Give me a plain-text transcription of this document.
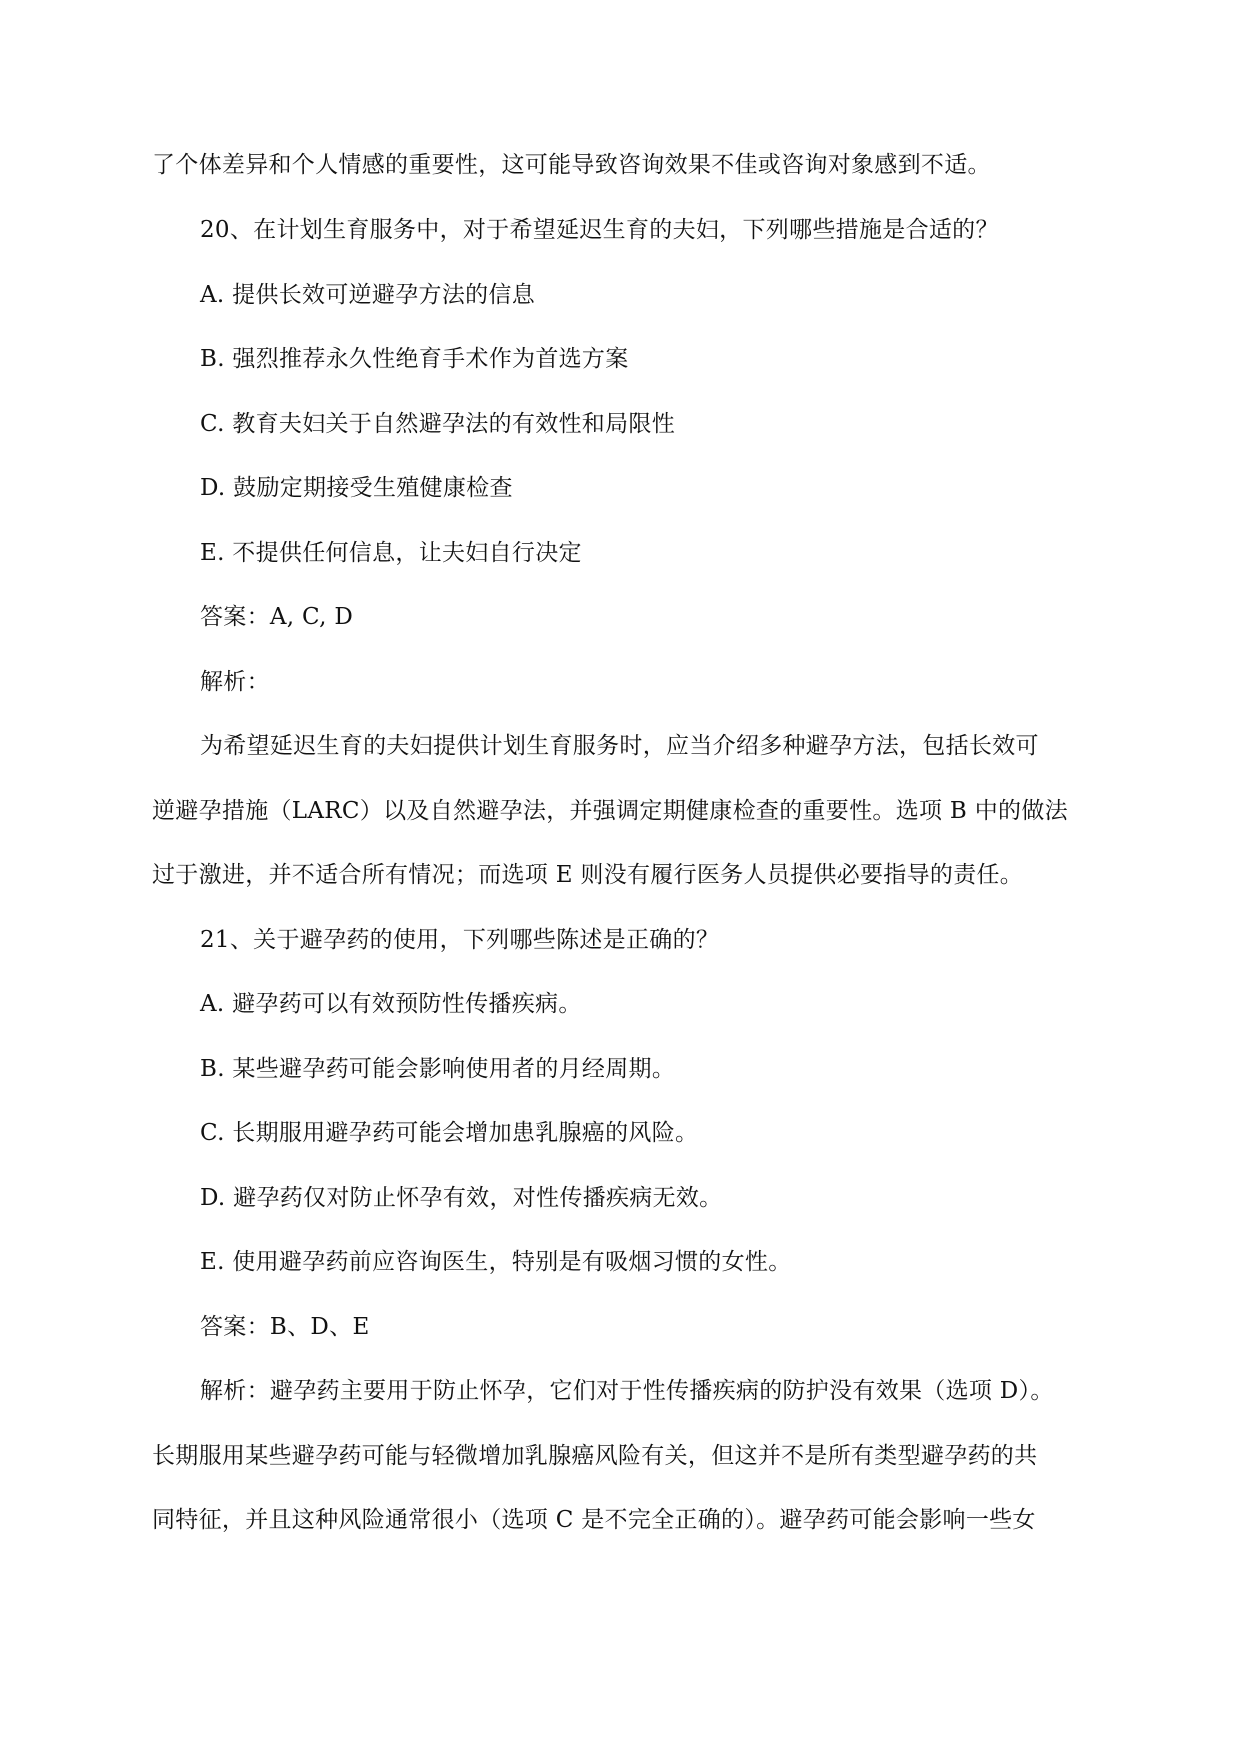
了个体差异和个人情感的重要性，这可能导致咨询效果不佳或咨询对象感到不适。

20、在计划生育服务中，对于希望延迟生育的夫妇，下列哪些措施是合适的？

A. 提供长效可逆避孕方法的信息

B. 强烈推荐永久性绝育手术作为首选方案

C. 教育夫妇关于自然避孕法的有效性和局限性

D. 鼓励定期接受生殖健康检查

E. 不提供任何信息，让夫妇自行决定

答案：A, C, D

解析：

为希望延迟生育的夫妇提供计划生育服务时，应当介绍多种避孕方法，包括长效可

逆避孕措施（LARC）以及自然避孕法，并强调定期健康检查的重要性。选项 B 中的做法

过于激进，并不适合所有情况；而选项 E 则没有履行医务人员提供必要指导的责任。

21、关于避孕药的使用，下列哪些陈述是正确的？

A. 避孕药可以有效预防性传播疾病。

B. 某些避孕药可能会影响使用者的月经周期。

C. 长期服用避孕药可能会增加患乳腺癌的风险。

D. 避孕药仅对防止怀孕有效，对性传播疾病无效。

E. 使用避孕药前应咨询医生，特别是有吸烟习惯的女性。

答案：B、D、E

解析：避孕药主要用于防止怀孕，它们对于性传播疾病的防护没有效果（选项 D）。

长期服用某些避孕药可能与轻微增加乳腺癌风险有关，但这并不是所有类型避孕药的共

同特征，并且这种风险通常很小（选项 C 是不完全正确的）。避孕药可能会影响一些女
